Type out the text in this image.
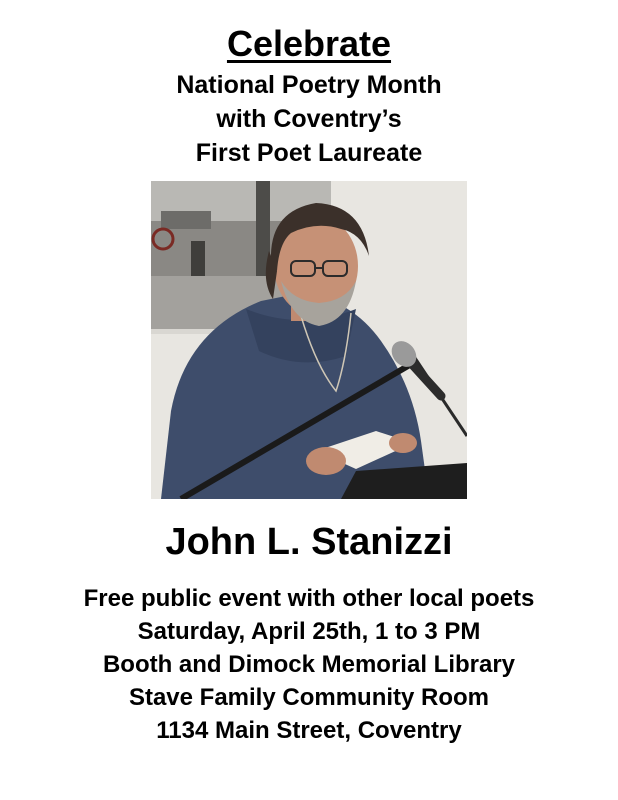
Celebrate
National Poetry Month
with Coventry’s
First Poet Laureate
John L. Stanizzi
Free public event with other local poets
Saturday, April 25th, 1 to 3 PM
Booth and Dimock Memorial Library
Stave Family Community Room
1134 Main Street, Coventry
